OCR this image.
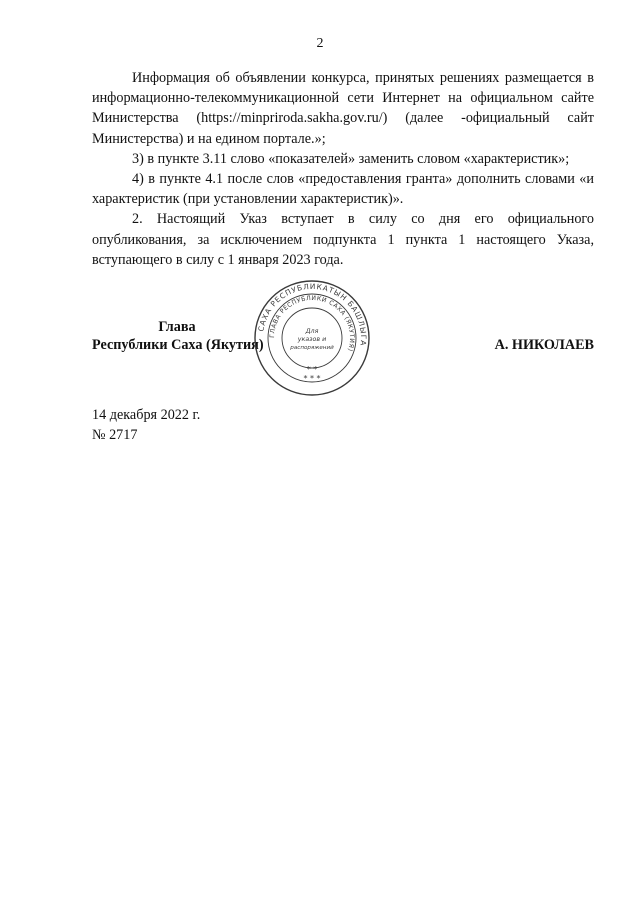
2

Информация об объявлении конкурса, принятых решениях размещается в информационно-телекоммуникационной сети Интернет на официальном сайте Министерства (https://minpriroda.sakha.gov.ru/) (далее -официальный сайт Министерства) и на едином портале.»;

3) в пункте 3.11 слово «показателей» заменить словом «характеристик»;

4) в пункте 4.1 после слов «предоставления гранта» дополнить словами «и характеристик (при установлении характеристик)».

2. Настоящий Указ вступает в силу со дня его официального опубликования, за исключением подпункта 1 пункта 1 настоящего Указа, вступающего в силу с 1 января 2023 года.

Глава
Республики Саха (Якутия)
САХА РЕСПУБЛИКАТЫН БАШЛЫГА
ГЛАВА РЕСПУБЛИКИ САХА (ЯКУТИЯ)
Для
указов и
распоряжений
* *
* * *
А. НИКОЛАЕВ
14 декабря 2022 г.
№ 2717
